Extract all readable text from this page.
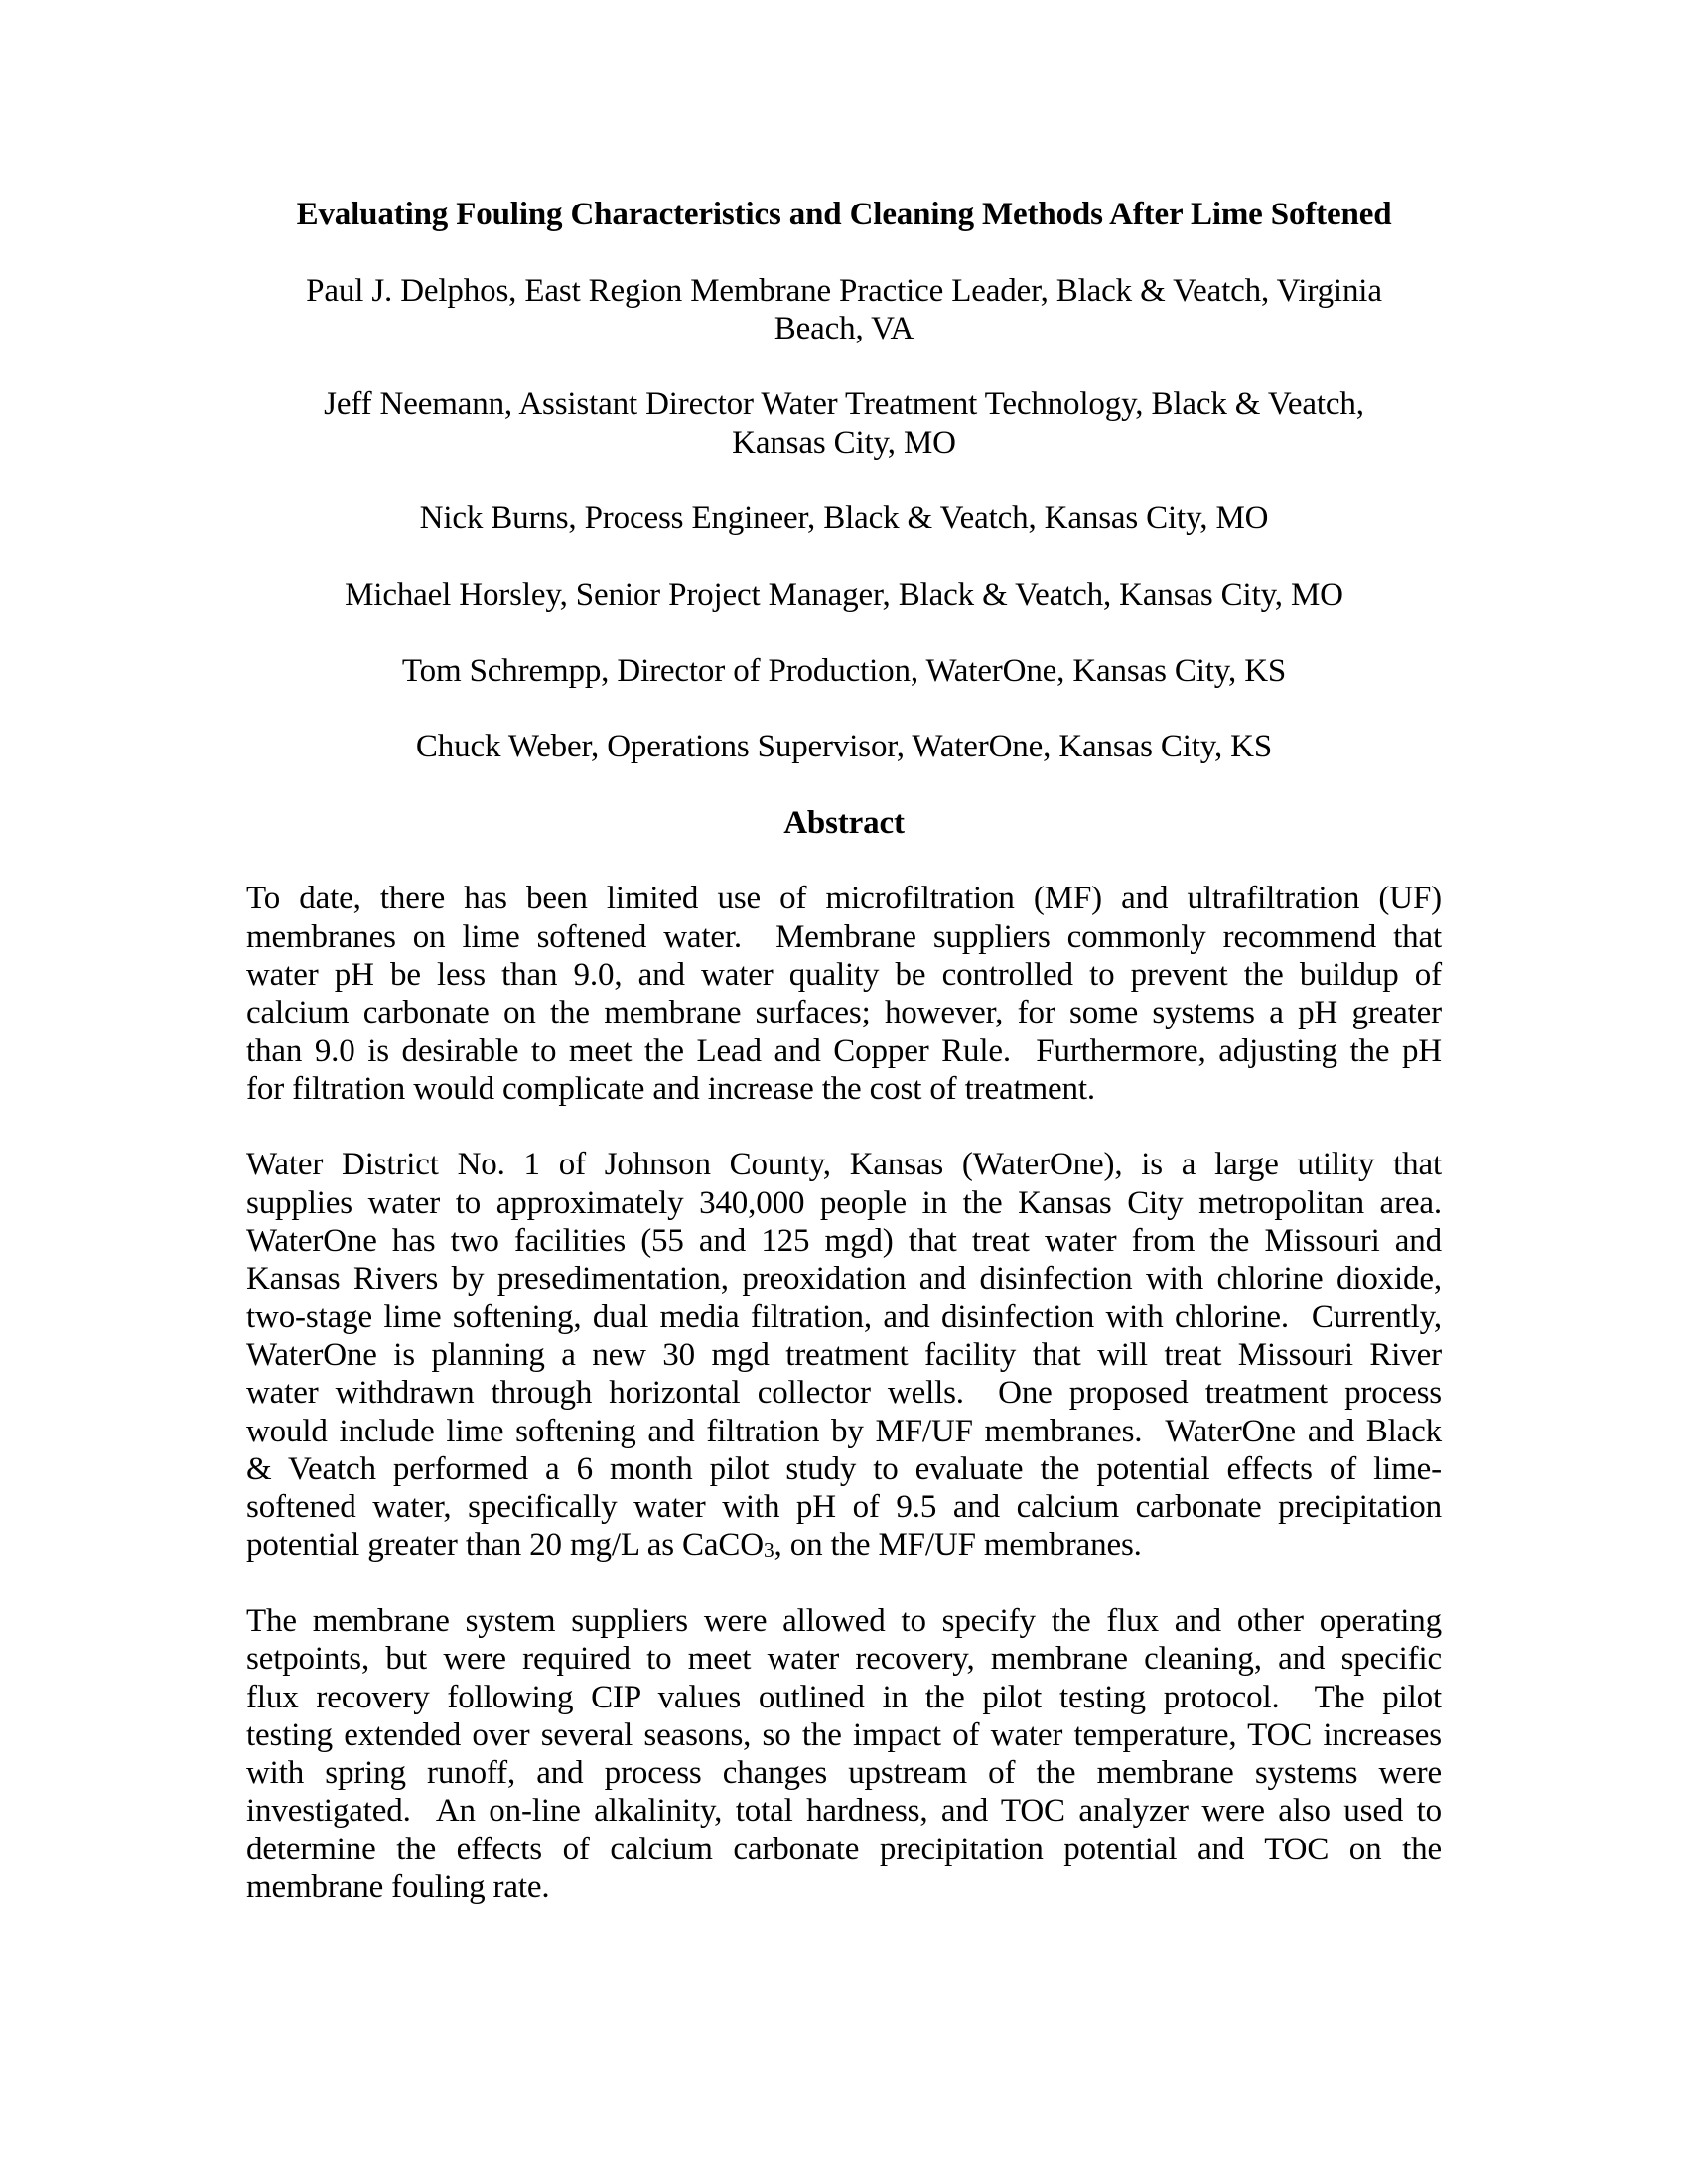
Evaluating Fouling Characteristics and Cleaning Methods After Lime Softened
Paul J. Delphos, East Region Membrane Practice Leader, Black & Veatch, Virginia
Beach, VA
Jeff Neemann, Assistant Director Water Treatment Technology, Black & Veatch,
Kansas City, MO
Nick Burns, Process Engineer, Black & Veatch, Kansas City, MO
Michael Horsley, Senior Project Manager, Black & Veatch, Kansas City, MO
Tom Schrempp, Director of Production, WaterOne, Kansas City, KS
Chuck Weber, Operations Supervisor, WaterOne, Kansas City, KS
Abstract
To date, there has been limited use of microfiltration (MF) and ultrafiltration (UF)
membranes on lime softened water.  Membrane suppliers commonly recommend that
water pH be less than 9.0, and water quality be controlled to prevent the buildup of
calcium carbonate on the membrane surfaces; however, for some systems a pH greater
than 9.0 is desirable to meet the Lead and Copper Rule.  Furthermore, adjusting the pH
for filtration would complicate and increase the cost of treatment.
Water District No. 1 of Johnson County, Kansas (WaterOne), is a large utility that
supplies water to approximately 340,000 people in the Kansas City metropolitan area.
WaterOne has two facilities (55 and 125 mgd) that treat water from the Missouri and
Kansas Rivers by presedimentation, preoxidation and disinfection with chlorine dioxide,
two-stage lime softening, dual media filtration, and disinfection with chlorine.  Currently,
WaterOne is planning a new 30 mgd treatment facility that will treat Missouri River
water withdrawn through horizontal collector wells.  One proposed treatment process
would include lime softening and filtration by MF/UF membranes.  WaterOne and Black
& Veatch performed a 6 month pilot study to evaluate the potential effects of lime-
softened water, specifically water with pH of 9.5 and calcium carbonate precipitation
potential greater than 20 mg/L as CaCO$_3$, on the MF/UF membranes.
The membrane system suppliers were allowed to specify the flux and other operating
setpoints, but were required to meet water recovery, membrane cleaning, and specific
flux recovery following CIP values outlined in the pilot testing protocol.  The pilot
testing extended over several seasons, so the impact of water temperature, TOC increases
with spring runoff, and process changes upstream of the membrane systems were
investigated.  An on-line alkalinity, total hardness, and TOC analyzer were also used to
determine the effects of calcium carbonate precipitation potential and TOC on the
membrane fouling rate.
